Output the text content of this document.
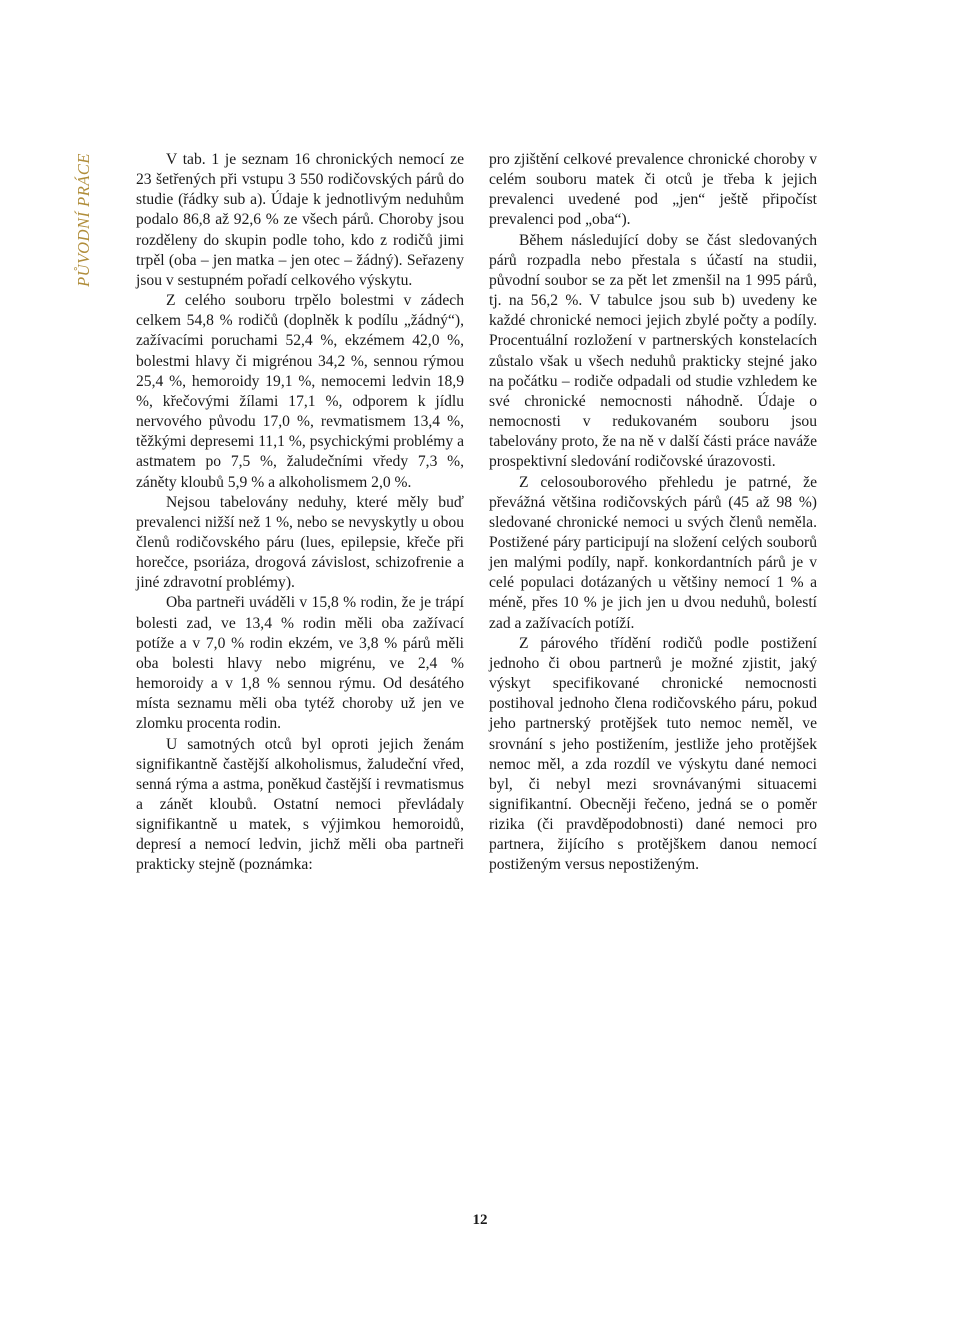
PŮVODNÍ PRÁCE	V tab. 1 je seznam 16 chronických nemocí ze 23 šetřených při vstupu 3 550 rodičovských párů do studie (řádky sub a). Údaje k jednotlivým neduhům podalo 86,8 až 92,6 % ze všech párů. Choroby jsou rozděleny do skupin podle toho, kdo z rodičů jimi trpěl (oba – jen matka – jen otec – žádný). Seřazeny jsou v sestupném pořadí celkového výskytu.

Z celého souboru trpělo bolestmi v zádech celkem 54,8 % rodičů (doplněk k podílu „žádný“), zažívacími poruchami 52,4 %, ekzémem 42,0 %, bolestmi hlavy či migrénou 34,2 %, sennou rýmou 25,4 %, hemoroidy 19,1 %, nemocemi ledvin 18,9 %, křečovými žílami 17,1 %, odporem k jídlu nervového původu 17,0 %, revmatismem 13,4 %, těžkými depresemi 11,1 %, psychickými problémy a astmatem po 7,5 %, žaludečními vředy 7,3 %, záněty kloubů 5,9 % a alkoholismem 2,0 %.

Nejsou tabelovány neduhy, které měly buď prevalenci nižší než 1 %, nebo se nevyskytly u obou členů rodičovského páru (lues, epilepsie, křeče při horečce, psoriáza, drogová závislost, schizofrenie a jiné zdravotní problémy).

Oba partneři uváděli v 15,8 % rodin, že je trápí bolesti zad, ve 13,4 % rodin měli oba zažívací potíže a v 7,0 % rodin ekzém, ve 3,8 % párů měli oba bolesti hlavy nebo migrénu, ve 2,4 % hemoroidy a v 1,8 % sennou rýmu. Od desátého místa seznamu měli oba tytéž choroby už jen ve zlomku procenta rodin.

U samotných otců byl oproti jejich ženám signifikantně častější alkoholismus, žaludeční vřed, senná rýma a astma, poněkud častější i revmatismus a zánět kloubů. Ostatní nemoci převládaly signifikantně u matek, s výjimkou hemoroidů, depresí a nemocí ledvin, jichž měli oba partneři prakticky stejně (poznámka:

pro zjištění celkové prevalence chronické choroby v celém souboru matek či otců je třeba k jejich prevalenci uvedené pod „jen“ ještě připočíst prevalenci pod „oba“).

Během následující doby se část sledovaných párů rozpadla nebo přestala s účastí na studii, původní soubor se za pět let zmenšil na 1 995 párů, tj. na 56,2 %. V tabulce jsou sub b) uvedeny ke každé chronické nemoci jejich zbylé počty a podíly. Procentuální rozložení v partnerských konstelacích zůstalo však u všech neduhů prakticky stejné jako na počátku – rodiče odpadali od studie vzhledem ke své chronické nemocnosti náhodně. Údaje o nemocnosti v redukovaném souboru jsou tabelovány proto, že na ně v další části práce naváže prospektivní sledování rodičovské úrazovosti.

Z celosouborového přehledu je patrné, že převážná většina rodičovských párů (45 až 98 %) sledované chronické nemoci u svých členů neměla. Postižené páry participují na složení celých souborů jen malými podíly, např. konkordantních párů je v celé populaci dotázaných u většiny nemocí 1 % a méně, přes 10 % je jich jen u dvou neduhů, bolestí zad a zažívacích potíží.

Z párového třídění rodičů podle postižení jednoho či obou partnerů je možné zjistit, jaký výskyt specifikované chronické nemocnosti postihoval jednoho člena rodičovského páru, pokud jeho partnerský protějšek tuto nemoc neměl, ve srovnání s jeho postižením, jestliže jeho protějšek nemoc měl, a zda rozdíl ve výskytu dané nemoci byl, či nebyl mezi srovnávanými situacemi signifikantní. Obecněji řečeno, jedná se o poměr rizika (či pravděpodobnosti) dané nemoci pro partnera, žijícího s protějškem danou nemocí postiženým versus nepostiženým.

12
